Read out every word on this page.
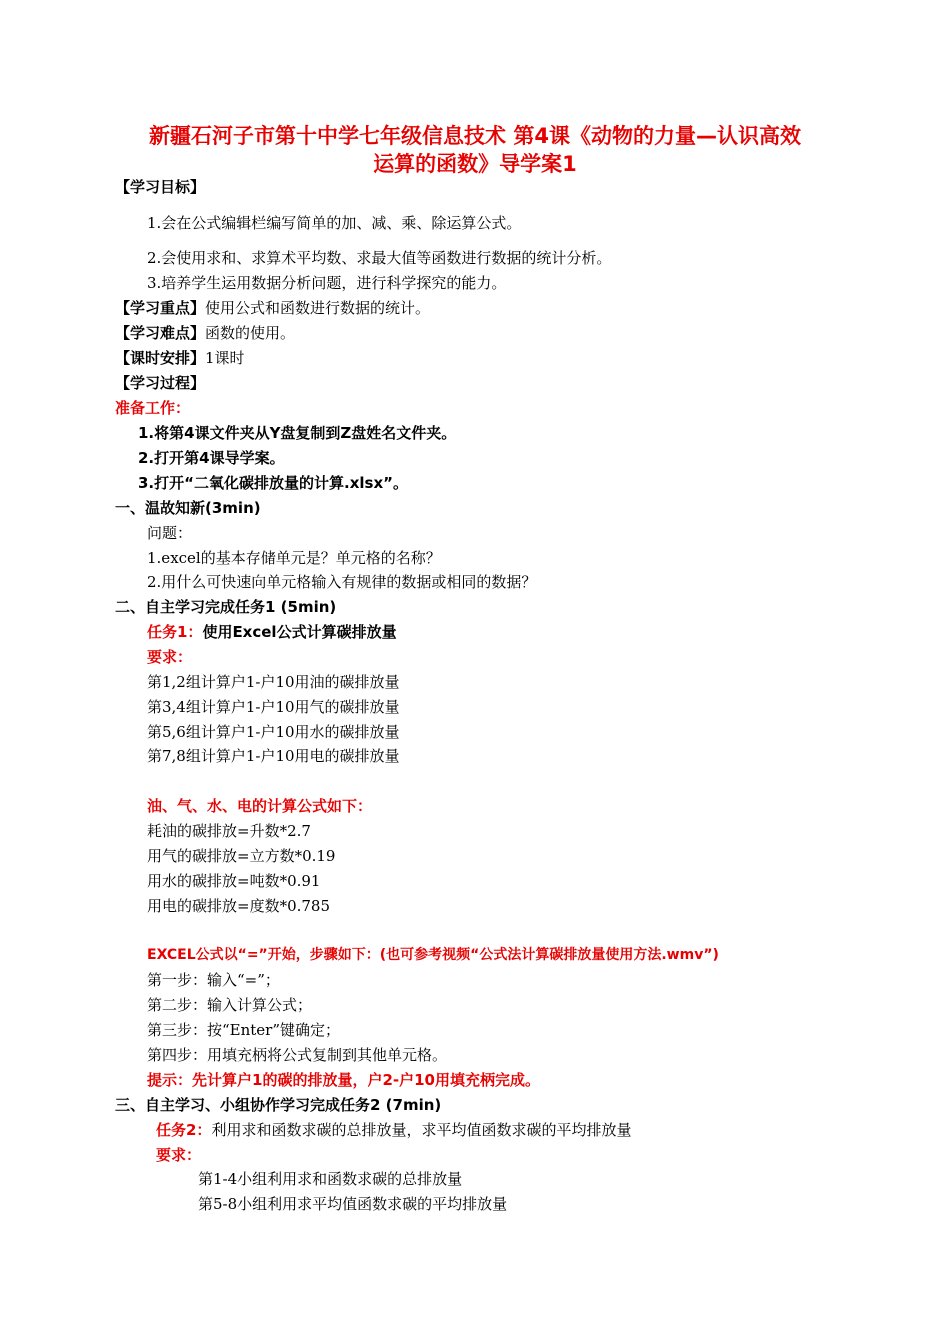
新疆石河子市第十中学七年级信息技术 第4课《动物的力量—认识高效
运算的函数》导学案1
【学习目标】
1.会在公式编辑栏编写简单的加、减、乘、除运算公式。
2.会使用求和、求算术平均数、求最大值等函数进行数据的统计分析。
3.培养学生运用数据分析问题，进行科学探究的能力。
【学习重点】使用公式和函数进行数据的统计。
【学习难点】函数的使用。
【课时安排】1课时
【学习过程】
准备工作：
1.将第4课文件夹从Y盘复制到Z盘姓名文件夹。
2.打开第4课导学案。
3.打开“二氧化碳排放量的计算.xlsx”。
一、温故知新(3min)
问题：
1.excel的基本存储单元是？单元格的名称？
2.用什么可快速向单元格输入有规律的数据或相同的数据？
二、自主学习完成任务1 (5min)
任务1：使用Excel公式计算碳排放量
要求：
第1,2组计算户1-户10用油的碳排放量
第3,4组计算户1-户10用气的碳排放量
第5,6组计算户1-户10用水的碳排放量
第7,8组计算户1-户10用电的碳排放量
油、气、水、电的计算公式如下：
耗油的碳排放=升数*2.7
用气的碳排放=立方数*0.19
用水的碳排放=吨数*0.91
用电的碳排放=度数*0.785
EXCEL公式以“=”开始，步骤如下：(也可参考视频“公式法计算碳排放量使用方法.wmv”)
第一步：输入“=”；
第二步：输入计算公式；
第三步：按“Enter”键确定；
第四步：用填充柄将公式复制到其他单元格。
提示：先计算户1的碳的排放量，户2-户10用填充柄完成。
三、自主学习、小组协作学习完成任务2 (7min)
任务2：利用求和函数求碳的总排放量，求平均值函数求碳的平均排放量
要求：
第1-4小组利用求和函数求碳的总排放量
第5-8小组利用求平均值函数求碳的平均排放量
